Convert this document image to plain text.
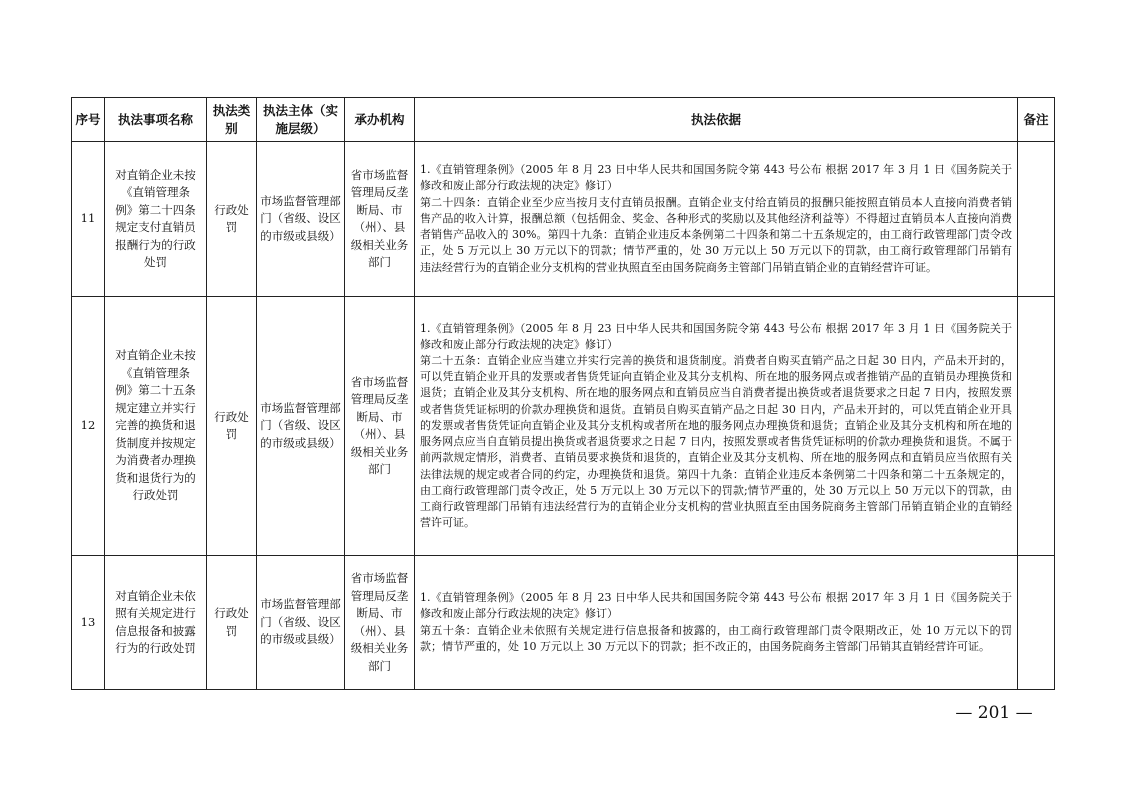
序号	执法事项名称	执法类别	执法主体（实施层级）	承办机构	执法依据	备注
11	对直销企业未按《直销管理条例》第二十四条规定支付直销员报酬行为的行政处罚	行政处罚	市场监督管理部门（省级、设区的市级或县级）	省市场监督管理局反垄断局、市（州）、县级相关业务部门	1.《直销管理条例》（2005 年 8 月 23 日中华人民共和国国务院令第 443 号公布 根据 2017 年 3 月 1 日《国务院关于修改和废止部分行政法规的决定》修订）

第二十四条：直销企业至少应当按月支付直销员报酬。直销企业支付给直销员的报酬只能按照直销员本人直接向消费者销售产品的收入计算，报酬总额（包括佣金、奖金、各种形式的奖励以及其他经济利益等）不得超过直销员本人直接向消费者销售产品收入的 30%。第四十九条：直销企业违反本条例第二十四条和第二十五条规定的，由工商行政管理部门责令改正，处 5 万元以上 30 万元以下的罚款；情节严重的，处 30 万元以上 50 万元以下的罚款，由工商行政管理部门吊销有违法经营行为的直销企业分支机构的营业执照直至由国务院商务主管部门吊销直销企业的直销经营许可证。	

12	对直销企业未按《直销管理条例》第二十五条规定建立并实行完善的换货和退货制度并按规定为消费者办理换货和退货行为的行政处罚	行政处罚	市场监督管理部门（省级、设区的市级或县级）	省市场监督管理局反垄断局、市（州）、县级相关业务部门	1.《直销管理条例》（2005 年 8 月 23 日中华人民共和国国务院令第 443 号公布 根据 2017 年 3 月 1 日《国务院关于修改和废止部分行政法规的决定》修订）

第二十五条：直销企业应当建立并实行完善的换货和退货制度。消费者自购买直销产品之日起 30 日内，产品未开封的，可以凭直销企业开具的发票或者售货凭证向直销企业及其分支机构、所在地的服务网点或者推销产品的直销员办理换货和退货；直销企业及其分支机构、所在地的服务网点和直销员应当自消费者提出换货或者退货要求之日起 7 日内，按照发票或者售货凭证标明的价款办理换货和退货。直销员自购买直销产品之日起 30 日内，产品未开封的，可以凭直销企业开具的发票或者售货凭证向直销企业及其分支机构或者所在地的服务网点办理换货和退货；直销企业及其分支机构和所在地的服务网点应当自直销员提出换货或者退货要求之日起 7 日内，按照发票或者售货凭证标明的价款办理换货和退货。不属于前两款规定情形，消费者、直销员要求换货和退货的，直销企业及其分支机构、所在地的服务网点和直销员应当依照有关法律法规的规定或者合同的约定，办理换货和退货。第四十九条：直销企业违反本条例第二十四条和第二十五条规定的，由工商行政管理部门责令改正，处 5 万元以上 30 万元以下的罚款;情节严重的，处 30 万元以上 50 万元以下的罚款，由工商行政管理部门吊销有违法经营行为的直销企业分支机构的营业执照直至由国务院商务主管部门吊销直销企业的直销经营许可证。	

13	对直销企业未依照有关规定进行信息报备和披露行为的行政处罚	行政处罚	市场监督管理部门（省级、设区的市级或县级）	省市场监督管理局反垄断局、市（州）、县级相关业务部门	1.《直销管理条例》（2005 年 8 月 23 日中华人民共和国国务院令第 443 号公布 根据 2017 年 3 月 1 日《国务院关于修改和废止部分行政法规的决定》修订）

第五十条：直销企业未依照有关规定进行信息报备和披露的，由工商行政管理部门责令限期改正，处 10 万元以下的罚款；情节严重的，处 10 万元以上 30 万元以下的罚款；拒不改正的，由国务院商务主管部门吊销其直销经营许可证。	

— 201 —
